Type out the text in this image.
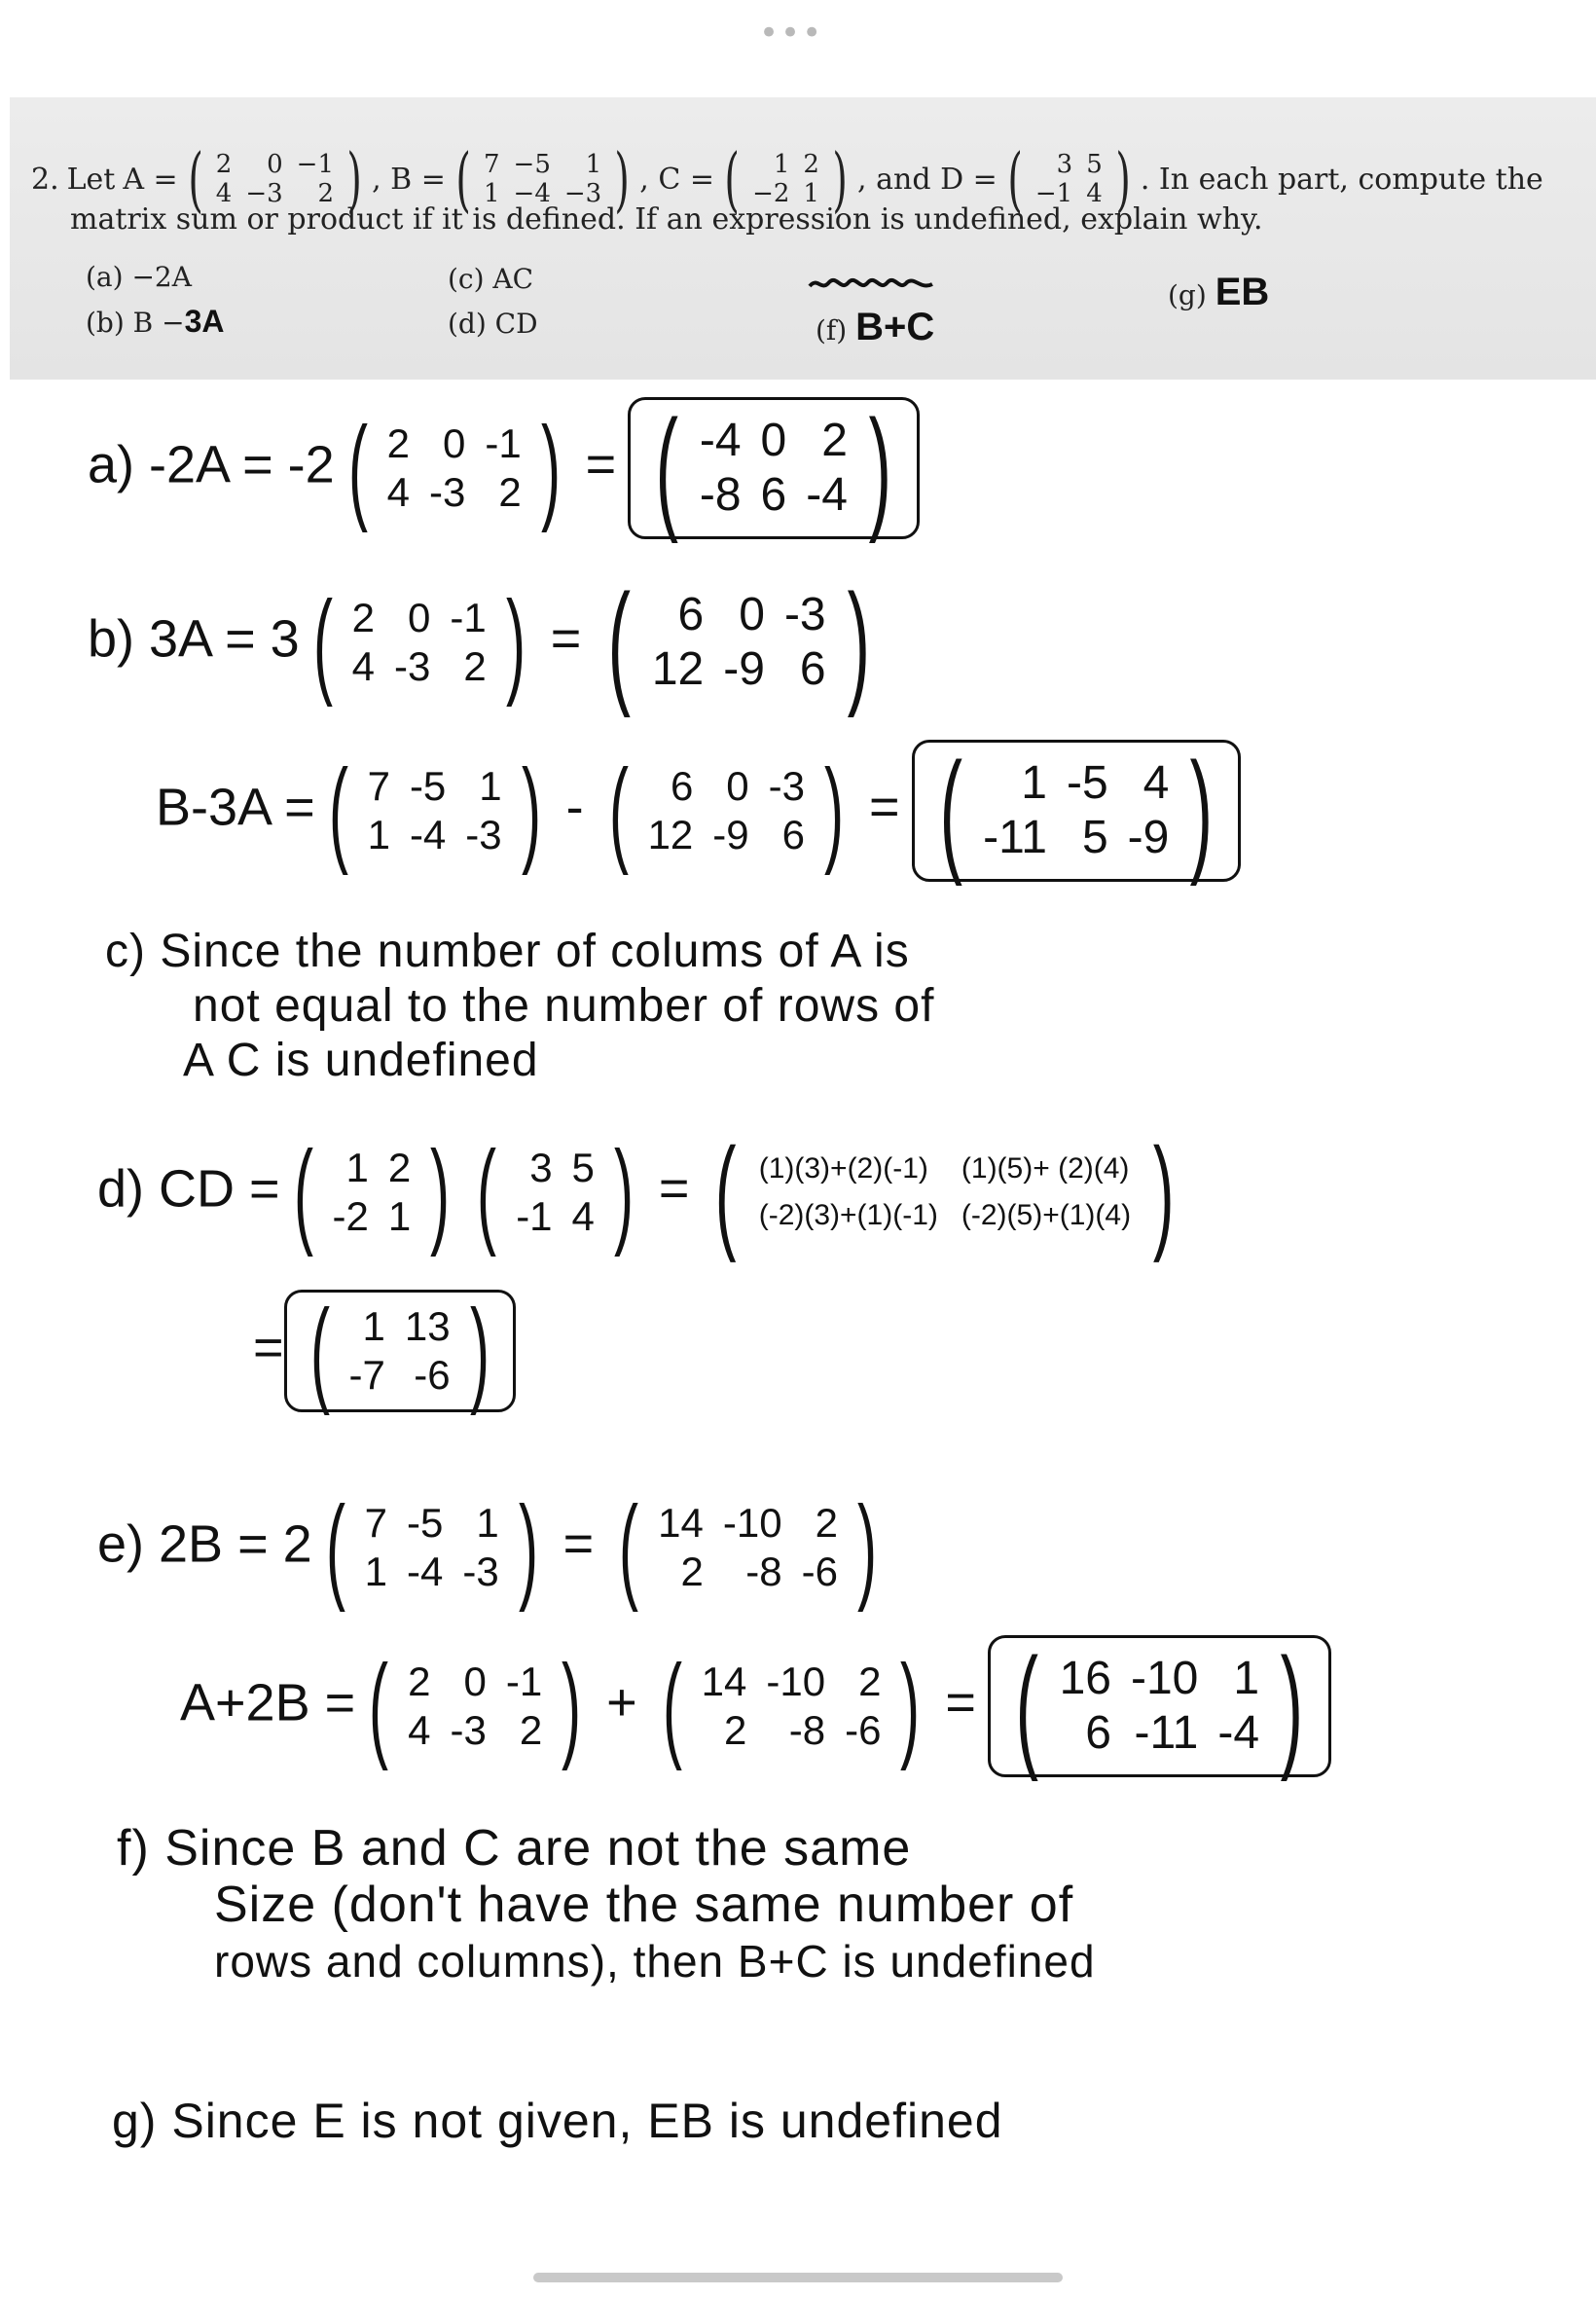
•••
2. Let A = ( 2	0	−1
4	−3	2 ) , B = ( 7	−5	1
1	−4	−3 ) , C = ( 1	2
−2	1 ) , and D = ( 3	5
−1	4 ) . In each part, compute the
matrix sum or product if it is defined. If an expression is undefined, explain why.
(a) −2A
(b) B −3A
(c) AC
(d) CD	(f) B+C
(g) EB
a) -2A = -2 ( 2	0	-1
4	-3	2 ) = ( -4	0	2
-8	6	-4 )
b) 3A = 3 ( 2	0	-1
4	-3	2 ) = ( 6	0	-3
12	-9	6 )
B-3A = ( 7	-5	1
1	-4	-3 ) - ( 6	0	-3
12	-9	6 ) = ( 1	-5	4
-11	5	-9 )
c) Since the number of colums of A is
not equal to the number of rows of
A C is undefined
d) CD = ( 1	2
-2	1 ) ( 3	5
-1	4 ) = ( (1)(3)+(2)(-1)	(1)(5)+ (2)(4)
(-2)(3)+(1)(-1)	(-2)(5)+(1)(4) )
= ( 1	13
-7	-6 )
e) 2B = 2 ( 7	-5	1
1	-4	-3 ) = ( 14	-10	2
2	-8	-6 )
A+2B = ( 2	0	-1
4	-3	2 ) + ( 14	-10	2
2	-8	-6 ) = ( 16	-10	1
6	-11	-4 )
f) Since B and C are not the same
Size (don't have the same number of
rows and columns), then B+C is undefined
g) Since E is not given, EB is undefined
